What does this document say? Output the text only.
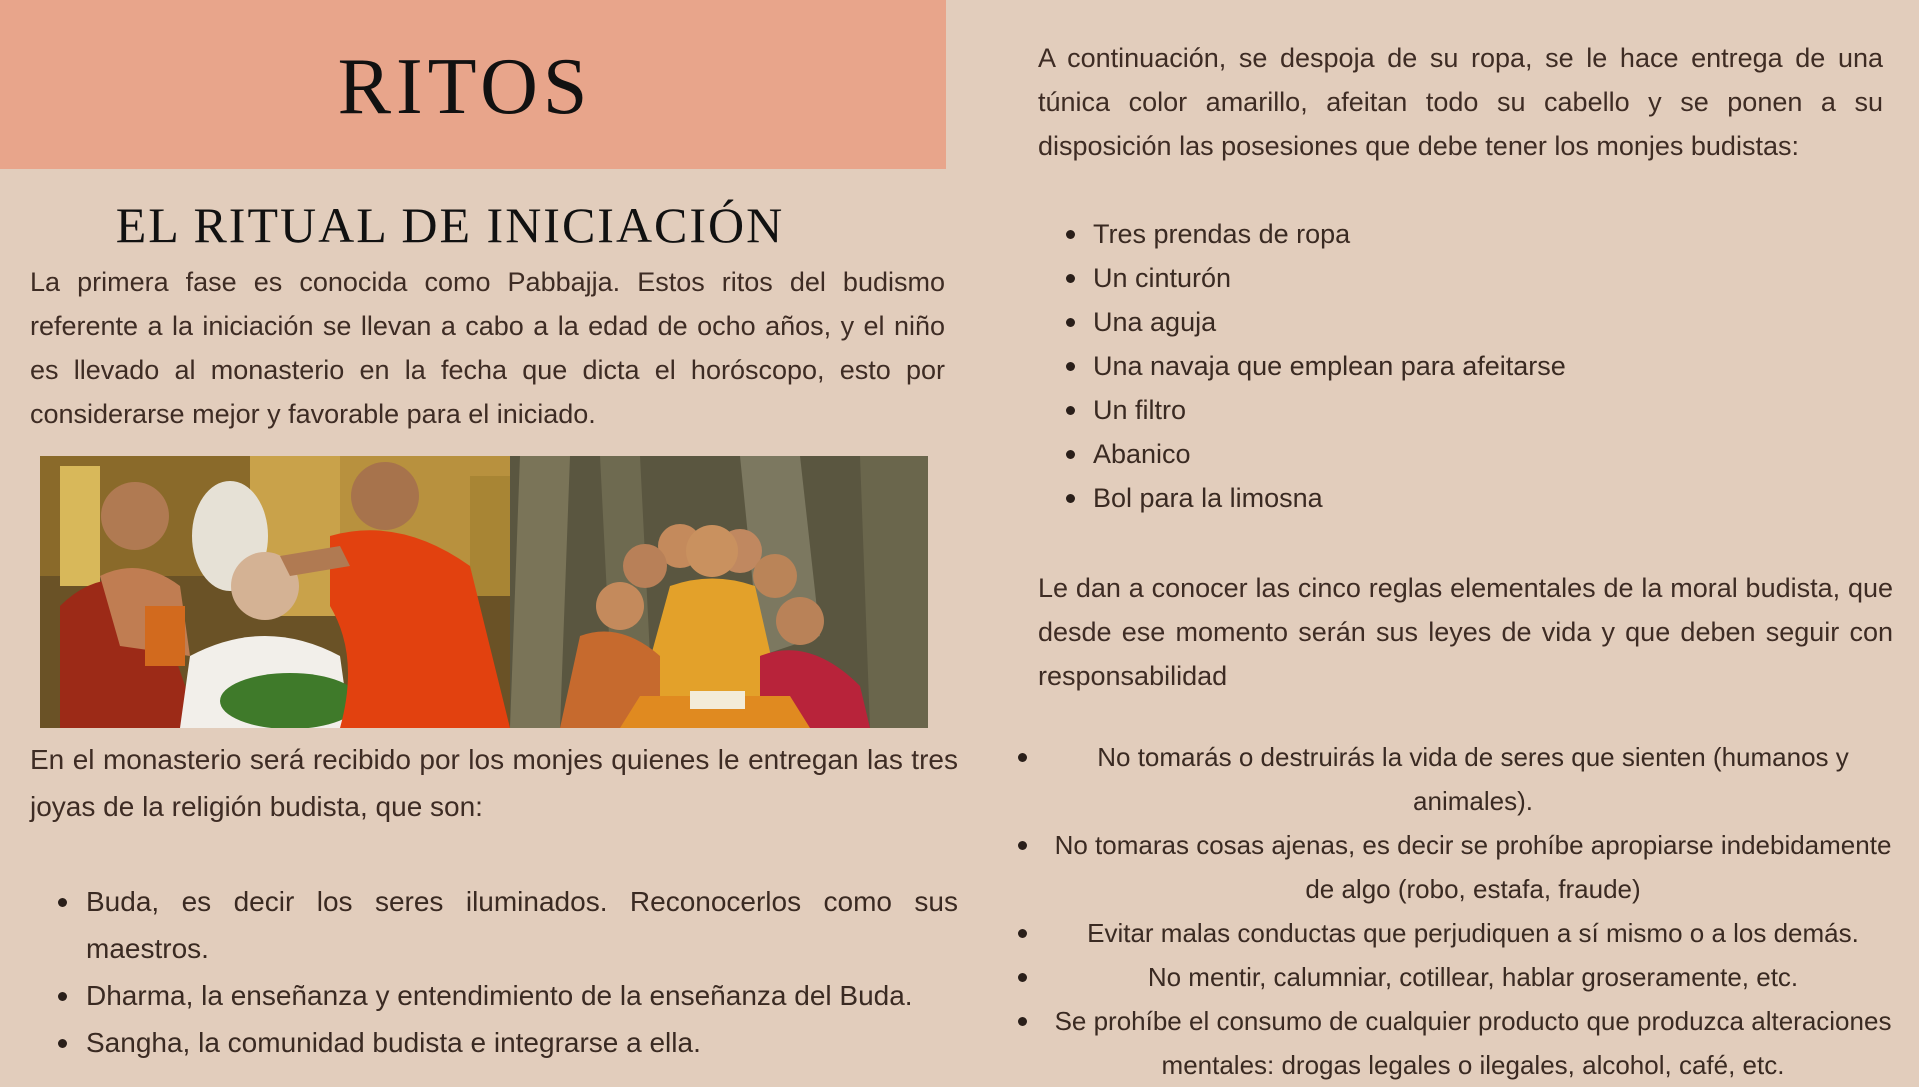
RITOS
EL RITUAL DE INICIACIÓN

La primera fase es conocida como Pabbajja. Estos ritos del budismo referente a la iniciación se llevan a cabo a la edad de ocho años, y el niño es llevado al monasterio en la fecha que dicta el horóscopo, esto por considerarse mejor y favorable para el iniciado.

En el monasterio será recibido por los monjes quienes le entregan las tres joyas de la religión budista, que son:

Buda, es decir los seres iluminados. Reconocerlos como sus maestros.
Dharma, la enseñanza y entendimiento de la enseñanza del Buda.
Sangha, la comunidad budista e integrarse a ella.

A continuación, se despoja de su ropa, se le hace entrega de una túnica color amarillo, afeitan todo su cabello y se ponen a su disposición las posesiones que debe tener los monjes budistas:

Tres prendas de ropa
Un cinturón
Una aguja
Una navaja que emplean para afeitarse
Un filtro
Abanico
Bol para la limosna

Le dan a conocer las cinco reglas elementales de la moral budista, que desde ese momento serán sus leyes de vida y que deben seguir con responsabilidad

No tomarás o destruirás la vida de seres que sienten (humanos y animales).
No tomaras cosas ajenas, es decir se prohíbe apropiarse indebidamente de algo (robo, estafa, fraude)
Evitar malas conductas que perjudiquen a sí mismo o a los demás.
No mentir, calumniar, cotillear, hablar groseramente, etc.
Se prohíbe el consumo de cualquier producto que produzca alteraciones mentales: drogas legales o ilegales, alcohol, café, etc.
